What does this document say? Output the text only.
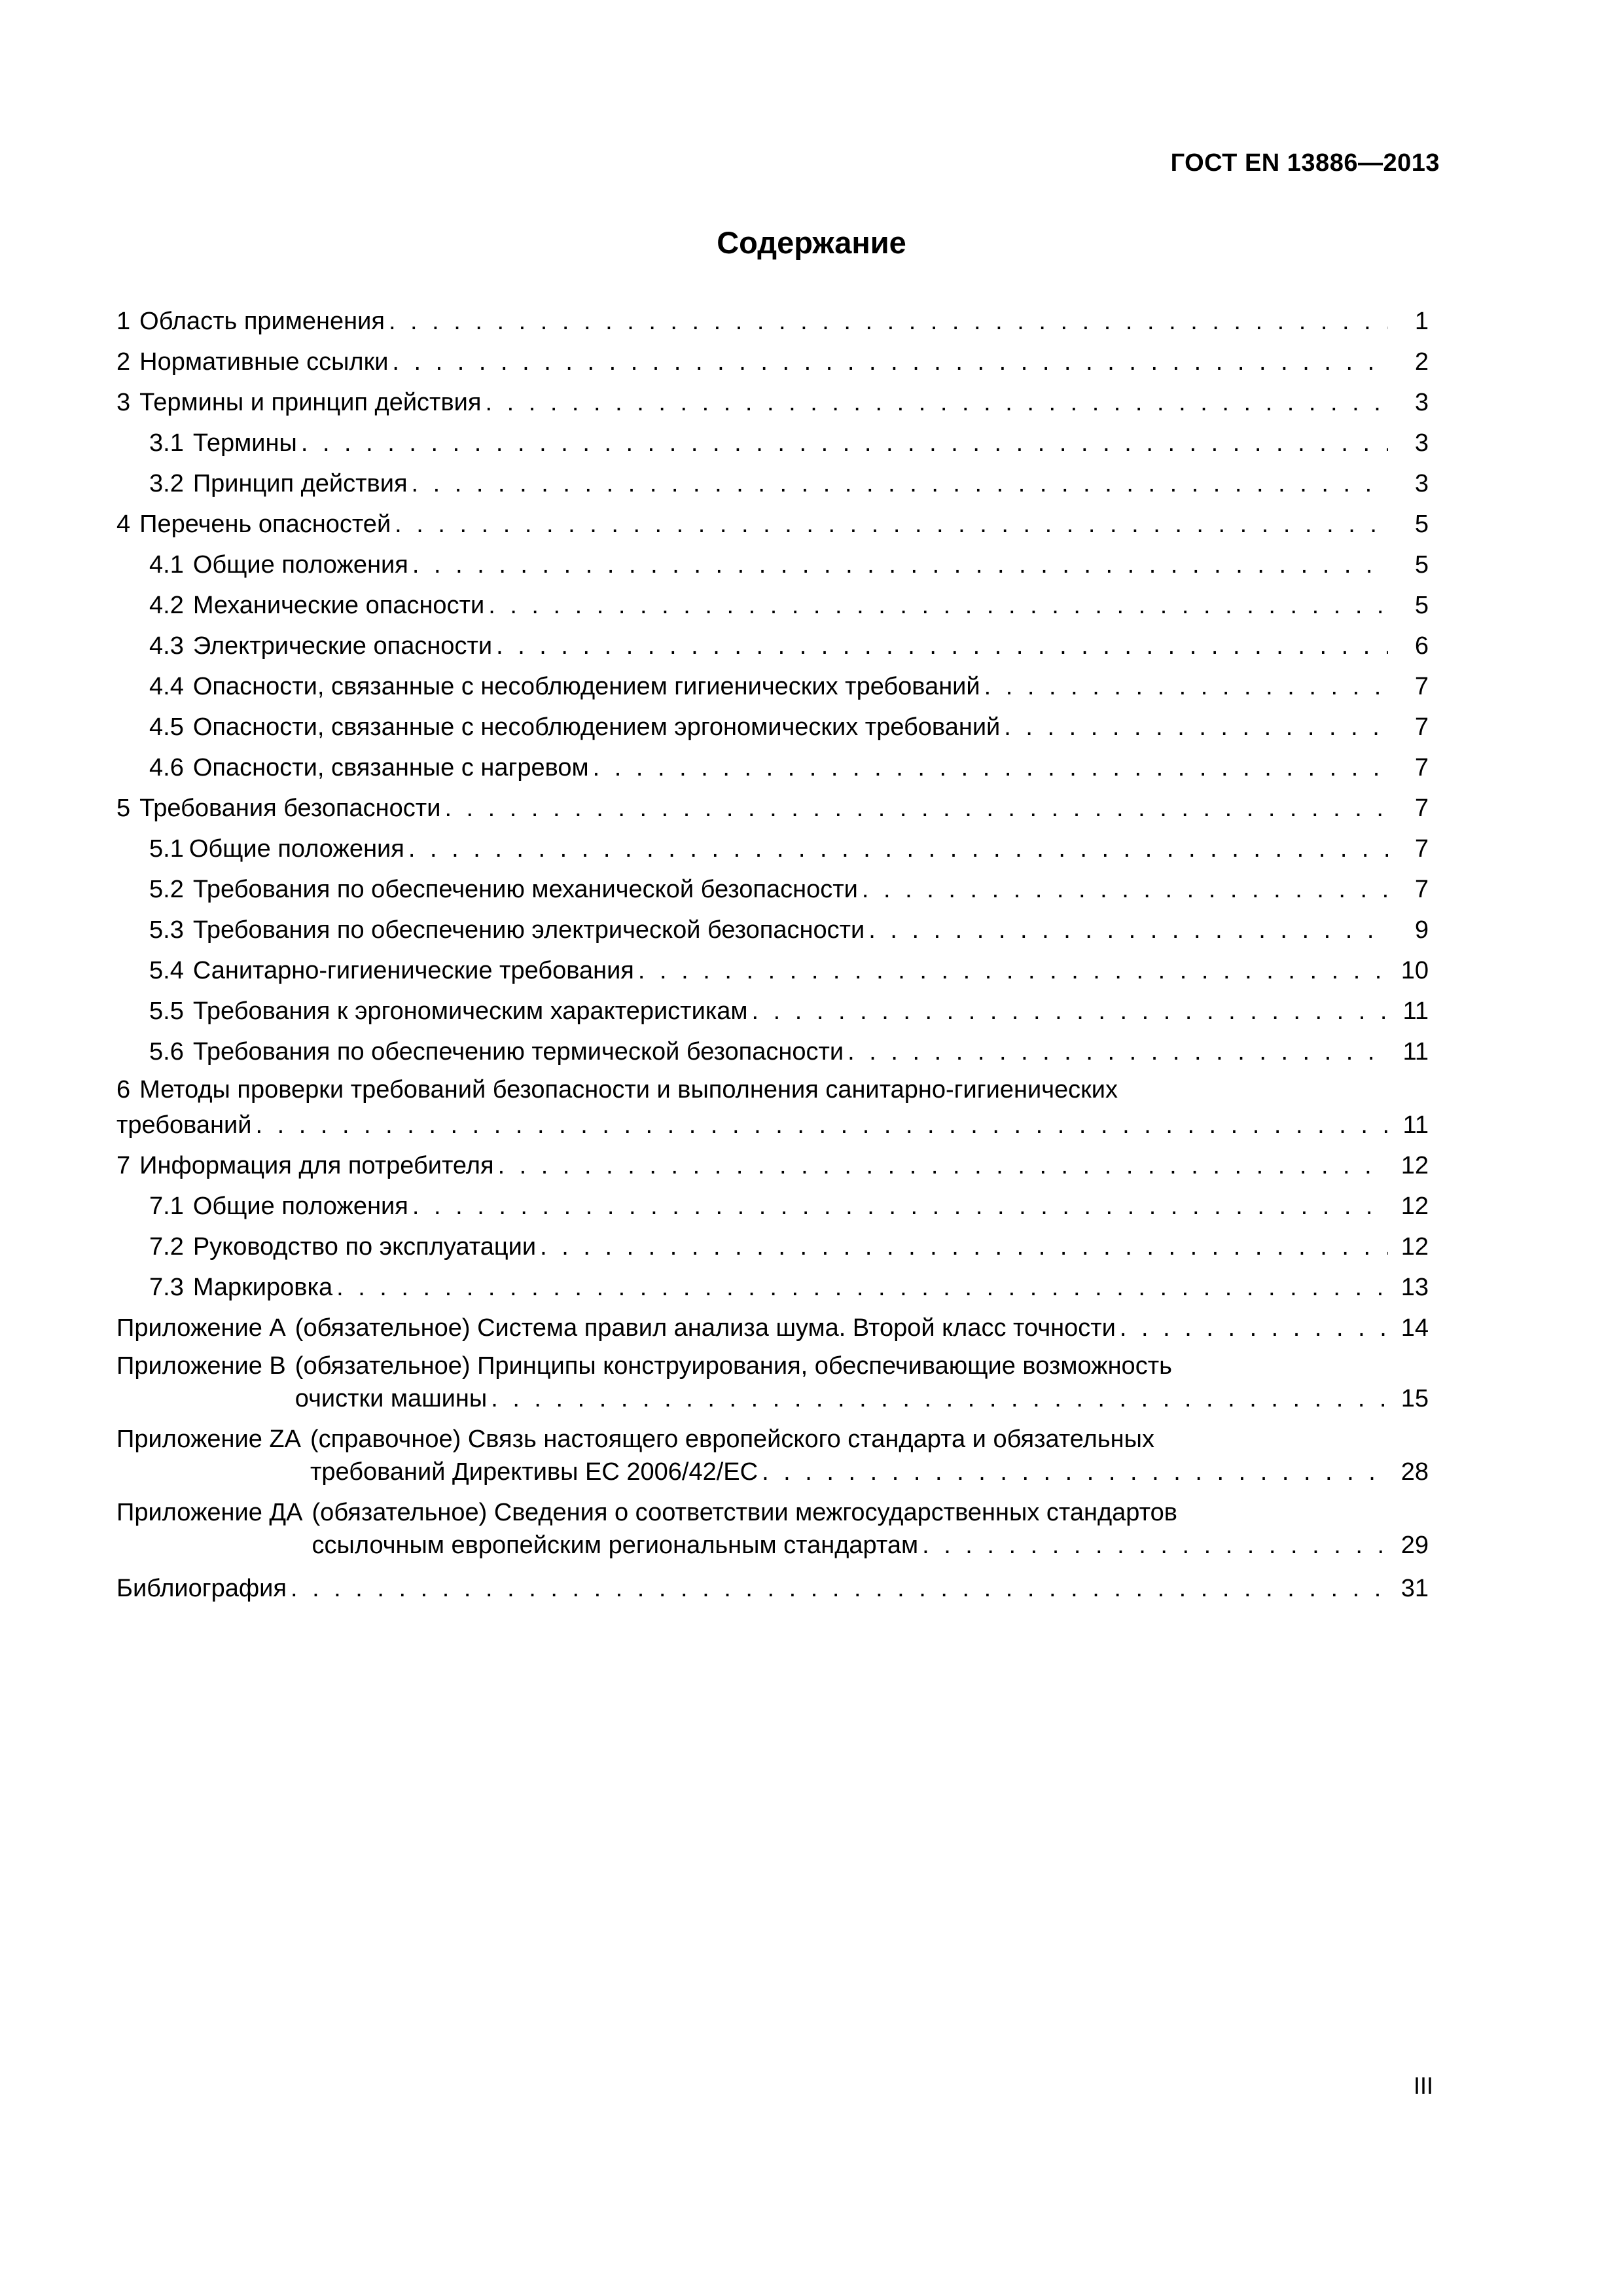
ГОСТ EN 13886—2013
Содержание
1 Область применения . . .	1
2 Нормативные ссылки . . .	2
3 Термины и принцип действия . . .	3
3.1 Термины . . .	3
3.2 Принцип действия . . .	3
4 Перечень опасностей . . .	5
4.1 Общие положения . . .	5
4.2 Механические опасности . . .	5
4.3 Электрические опасности . . .	6
4.4 Опасности, связанные с несоблюдением гигиенических требований . . .	7
4.5 Опасности, связанные с несоблюдением эргономических требований . . .	7
4.6 Опасности, связанные с нагревом . . .	7
5 Требования безопасности . . .	7
5.1 Общие положения . . .	7
5.2 Требования по обеспечению механической безопасности . . .	7
5.3 Требования по обеспечению электрической безопасности . . .	9
5.4 Санитарно-гигиенические требования . . .	10
5.5 Требования к эргономическим характеристикам . . .	11
5.6 Требования по обеспечению термической безопасности . . .	11
6 Методы проверки требований безопасности и выполнения санитарно-гигиенических
требований . . .	11
7 Информация для потребителя . . .	12
7.1 Общие положения . . .	12
7.2 Руководство по эксплуатации . . .	12
7.3 Маркировка . . .	13
Приложение А (обязательное) Система правил анализа шума. Второй класс точности . . .	14
Приложение В (обязательное) Принципы конструирования, обеспечивающие возможность
очистки машины . . .	15
Приложение ZA (справочное) Связь настоящего европейского стандарта и обязательных
требований Директивы ЕС 2006/42/ЕС . . .	28
Приложение ДА (обязательное) Сведения о соответствии межгосударственных стандартов
ссылочным европейским региональным стандартам . . .	29
Библиография . . .	31
III
